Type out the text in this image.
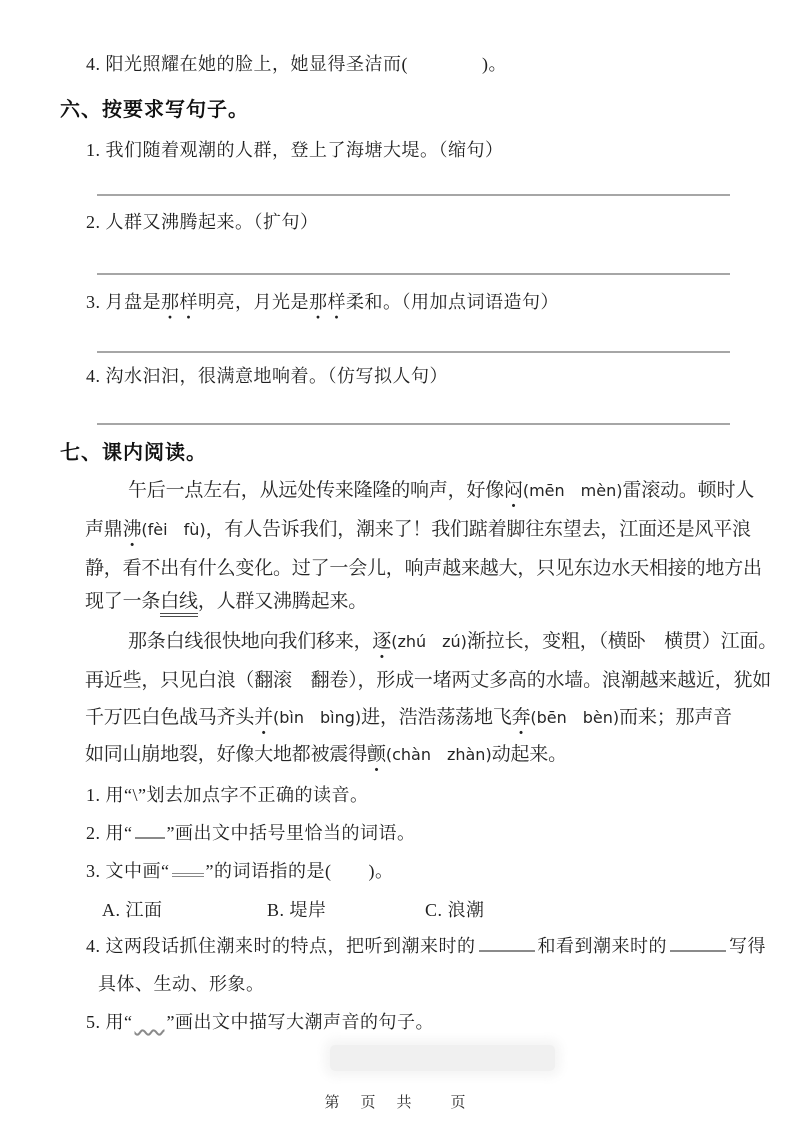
4. 阳光照耀在她的脸上，她显得圣洁而(　　　　)。
六、按要求写句子。
1. 我们随着观潮的人群，登上了海塘大堤。（缩句）
2. 人群又沸腾起来。（扩句）
3. 月盘是那样明亮，月光是那样柔和。（用加点词语造句）
4. 沟水汩汩，很满意地响着。（仿写拟人句）
七、课内阅读。
午后一点左右，从远处传来隆隆的响声，好像闷(mēn　mèn)雷滚动。顿时人
声鼎沸(fèi　fù)，有人告诉我们，潮来了！我们踮着脚往东望去，江面还是风平浪
静，看不出有什么变化。过了一会儿，响声越来越大，只见东边水天相接的地方出
现了一条白线，人群又沸腾起来。
那条白线很快地向我们移来，逐(zhú　zú)渐拉长，变粗，（横卧　横贯）江面。
再近些，只见白浪（翻滚　翻卷），形成一堵两丈多高的水墙。浪潮越来越近，犹如
千万匹白色战马齐头并(bìn　bìng)进，浩浩荡荡地飞奔(bēn　bèn)而来；那声音
如同山崩地裂，好像大地都被震得颤(chàn　zhàn)动起来。
1. 用“\”划去加点字不正确的读音。
2. 用“ ”画出文中括号里恰当的词语。
3. 文中画“ ”的词语指的是(　　)。
A. 江面	B. 堤岸	C. 浪潮
4. 这两段话抓住潮来时的特点，把听到潮来时的	和看到潮来时的	写得
具体、生动、形象。
5. 用“ ”画出文中描写大潮声音的句子。
第　页　共　　页
